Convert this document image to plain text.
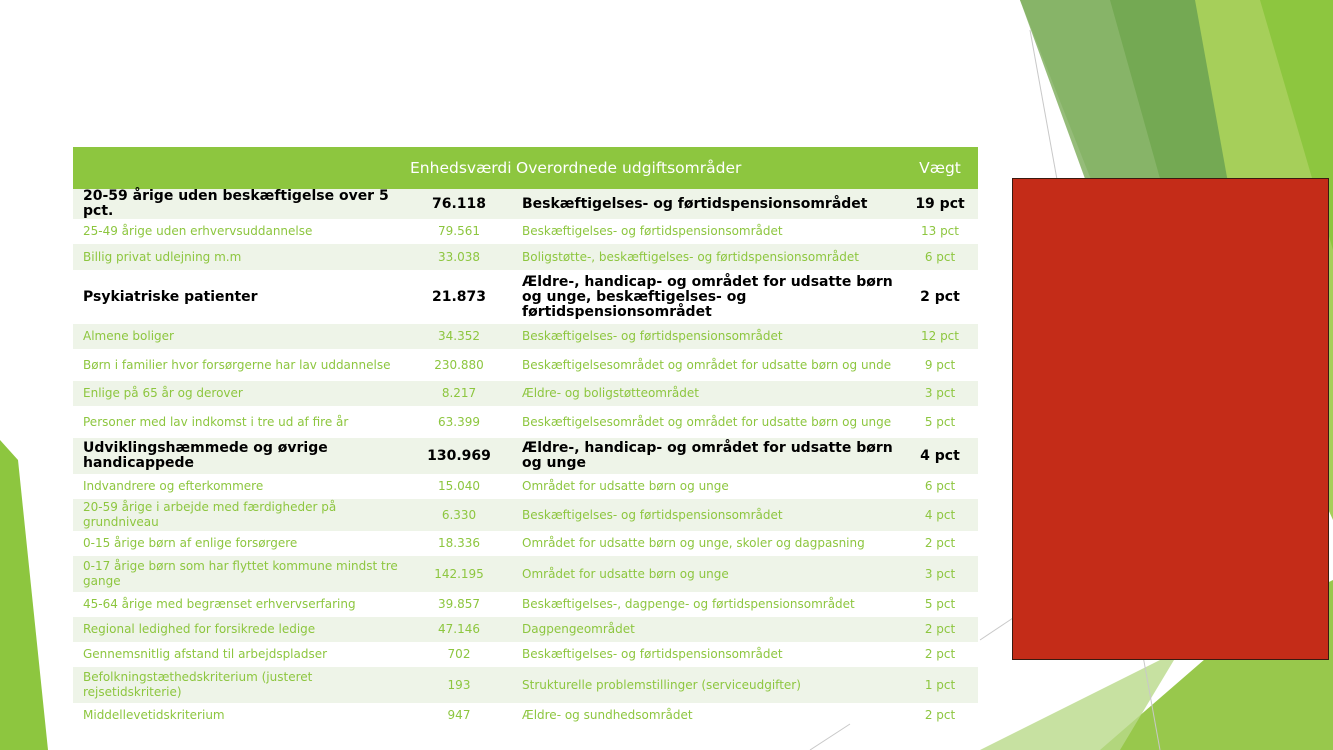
	Enhedsværdi	Overordnede udgiftsområder	Vægt
20-59 årige uden beskæftigelse over 5 pct.	76.118	Beskæftigelses- og førtidspensionsområdet	19 pct
25-49 årige uden erhvervsuddannelse	79.561	Beskæftigelses- og førtidspensionsområdet	13 pct
Billig privat udlejning m.m	33.038	Boligstøtte-, beskæftigelses- og førtidspensionsområdet	6 pct
Psykiatriske patienter	21.873	Ældre-, handicap- og området for udsatte børn og unge, beskæftigelses- og førtidspensionsområdet	2 pct
Almene boliger	34.352	Beskæftigelses- og førtidspensionsområdet	12 pct
Børn i familier hvor forsørgerne har lav uddannelse	230.880	Beskæftigelsesområdet og området for udsatte børn og unde	9 pct
Enlige på 65 år og derover	8.217	Ældre- og boligstøtteområdet	3 pct
Personer med lav indkomst i tre ud af fire år	63.399	Beskæftigelsesområdet og området for udsatte børn og unge	5 pct
Udviklingshæmmede og øvrige handicappede	130.969	Ældre-, handicap- og området for udsatte børn og unge	4 pct
Indvandrere og efterkommere	15.040	Området for udsatte børn og unge	6 pct
20-59 årige i arbejde med færdigheder på grundniveau	6.330	Beskæftigelses- og førtidspensionsområdet	4 pct
0-15 årige børn af enlige forsørgere	18.336	Området for udsatte børn og unge, skoler og dagpasning	2 pct
0-17 årige børn som har flyttet kommune mindst tre gange	142.195	Området for udsatte børn og unge	3 pct
45-64 årige med begrænset erhvervserfaring	39.857	Beskæftigelses-, dagpenge- og førtidspensionsområdet	5 pct
Regional ledighed for forsikrede ledige	47.146	Dagpengeområdet	2 pct
Gennemsnitlig afstand til arbejdspladser	702	Beskæftigelses- og førtidspensionsområdet	2 pct
Befolkningstæthedskriterium (justeret rejsetidskriterie)	193	Strukturelle problemstillinger (serviceudgifter)	1 pct
Middellevetidskriterium	947	Ældre- og sundhedsområdet	2 pct
